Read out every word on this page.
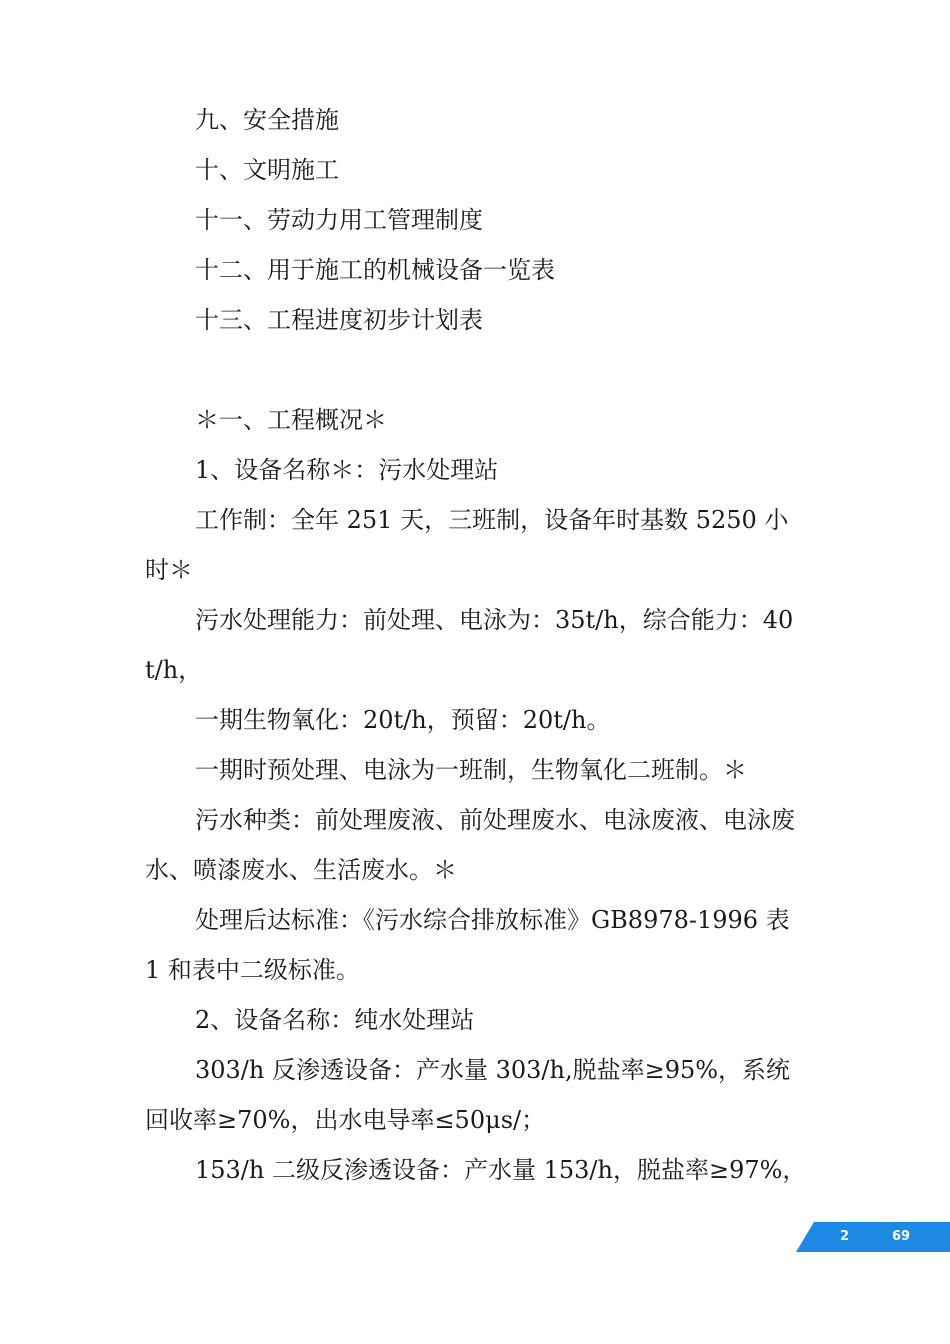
九、安全措施
十、文明施工
十一、劳动力用工管理制度
十二、用于施工的机械设备一览表
十三、工程进度初步计划表

＊一、工程概况＊

1、设备名称＊：污水处理站

工作制：全年 251 天，三班制，设备年时基数 5250 小时＊

污水处理能力：前处理、电泳为：35t/h，综合能力：40t/h，

一期生物氧化：20t/h，预留：20t/h。

一期时预处理、电泳为一班制，生物氧化二班制。＊

污水种类：前处理废液、前处理废水、电泳废液、电泳废水、喷漆废水、生活废水。＊

处理后达标准：《污水综合排放标准》GB8978-1996 表 1 和表中二级标准。

2、设备名称：纯水处理站

303/h 反渗透设备：产水量 303/h,脱盐率≥95%，系统回收率≥70%，出水电导率≤50μs/；

153/h 二级反渗透设备：产水量 153/h，脱盐率≥97%，

2	69
